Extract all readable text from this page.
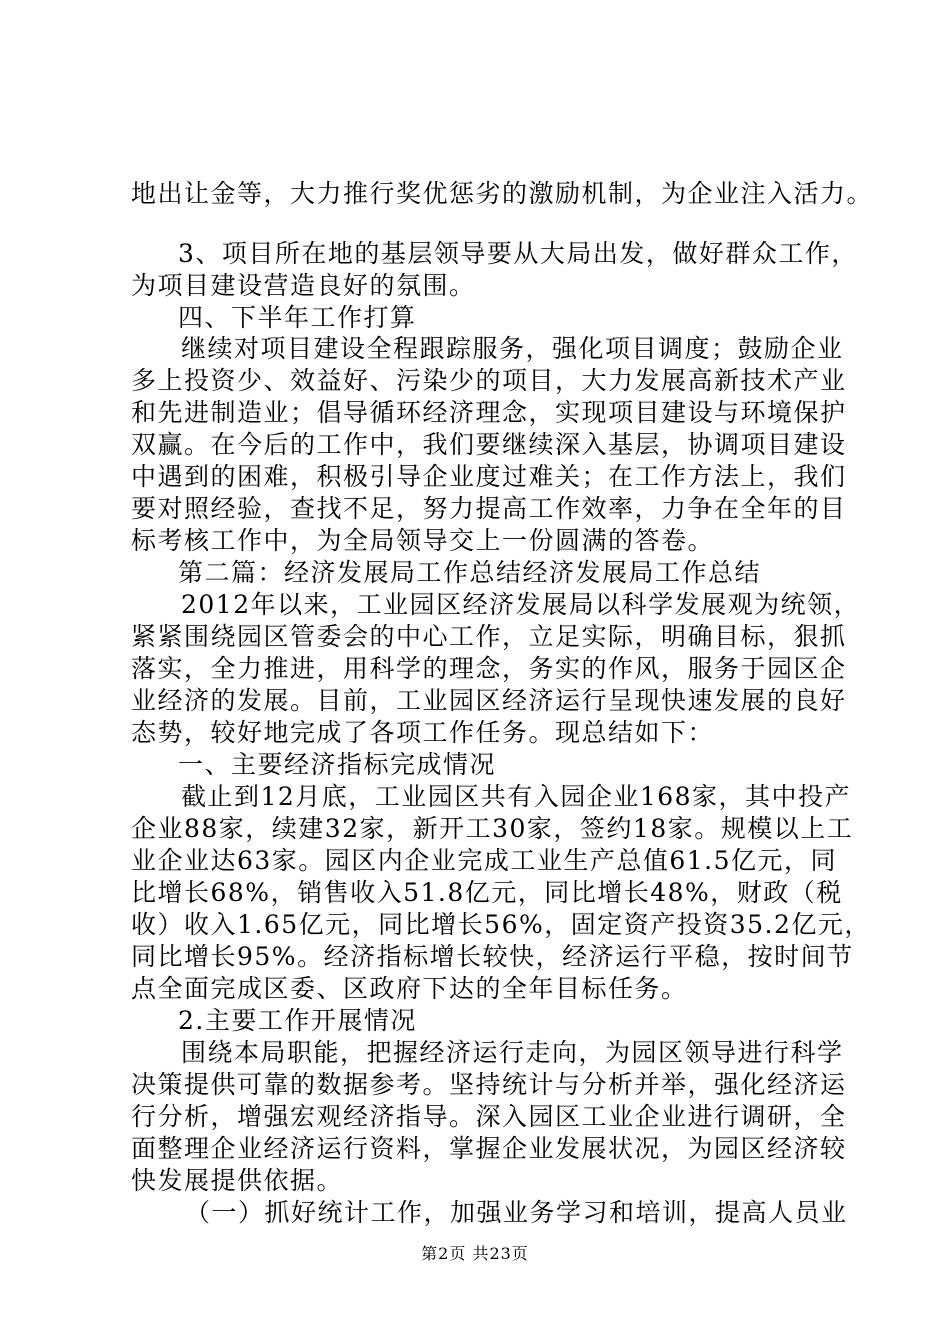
地出让金等，大力推行奖优惩劣的激励机制，为企业注入活力。
3、项目所在地的基层领导要从大局出发，做好群众工作，
为项目建设营造良好的氛围。
四、下半年工作打算
继续对项目建设全程跟踪服务，强化项目调度；鼓励企业
多上投资少、效益好、污染少的项目，大力发展高新技术产业
和先进制造业；倡导循环经济理念，实现项目建设与环境保护
双赢。在今后的工作中，我们要继续深入基层，协调项目建设
中遇到的困难，积极引导企业度过难关；在工作方法上，我们
要对照经验，查找不足，努力提高工作效率，力争在全年的目
标考核工作中，为全局领导交上一份圆满的答卷。
第二篇：经济发展局工作总结经济发展局工作总结
2012年以来，工业园区经济发展局以科学发展观为统领，
紧紧围绕园区管委会的中心工作，立足实际，明确目标，狠抓
落实，全力推进，用科学的理念，务实的作风，服务于园区企
业经济的发展。目前，工业园区经济运行呈现快速发展的良好
态势，较好地完成了各项工作任务。现总结如下：
一、主要经济指标完成情况
截止到12月底，工业园区共有入园企业168家，其中投产
企业88家，续建32家，新开工30家，签约18家。规模以上工
业企业达63家。园区内企业完成工业生产总值61.5亿元，同
比增长68%，销售收入51.8亿元，同比增长48%，财政（税
收）收入1.65亿元，同比增长56%，固定资产投资35.2亿元，
同比增长95%。经济指标增长较快，经济运行平稳，按时间节
点全面完成区委、区政府下达的全年目标任务。
2.主要工作开展情况
围绕本局职能，把握经济运行走向，为园区领导进行科学
决策提供可靠的数据参考。坚持统计与分析并举，强化经济运
行分析，增强宏观经济指导。深入园区工业企业进行调研，全
面整理企业经济运行资料，掌握企业发展状况，为园区经济较
快发展提供依据。
（一）抓好统计工作，加强业务学习和培训，提高人员业
第2页 共23页
